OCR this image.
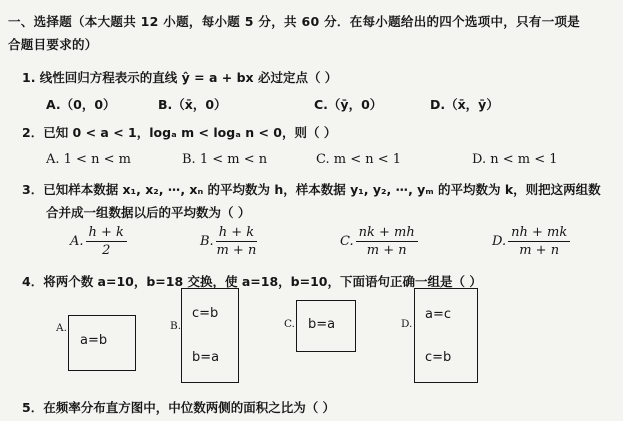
一、选择题（本大题共 12 小题，每小题 5 分，共 60 分．在每小题给出的四个选项中，只有一项是
合题目要求的）
1. 线性回归方程表示的直线 ŷ = a + bx 必过定点（ ）
A.（0，0）	B.（x̄，0）	C.（ȳ，0）	D.（x̄，ȳ）
2．已知 0 < a < 1，logₐ m < logₐ n < 0，则（ ）
A. 1 < n < m	B. 1 < m < n	C. m < n < 1	D. n < m < 1
3．已知样本数据 x₁, x₂, ⋯, xₙ 的平均数为 h，样本数据 y₁, y₂, ⋯, yₘ 的平均数为 k，则把这两组数
合并成一组数据以后的平均数为（ ）
A. $\frac{h + k}{2}$	B. $\frac{h + k}{m + n}$	C. $\frac{nk + mh}{m + n}$	D. $\frac{nh + mk}{m + n}$
4．将两个数 a=10，b=18 交换，使 a=18，b=10，下面语句正确一组是（ ）
A.
a=b
B.
c=b
b=a
C. b=a	D.
a=c
c=b
5．在频率分布直方图中，中位数两侧的面积之比为（ ）
